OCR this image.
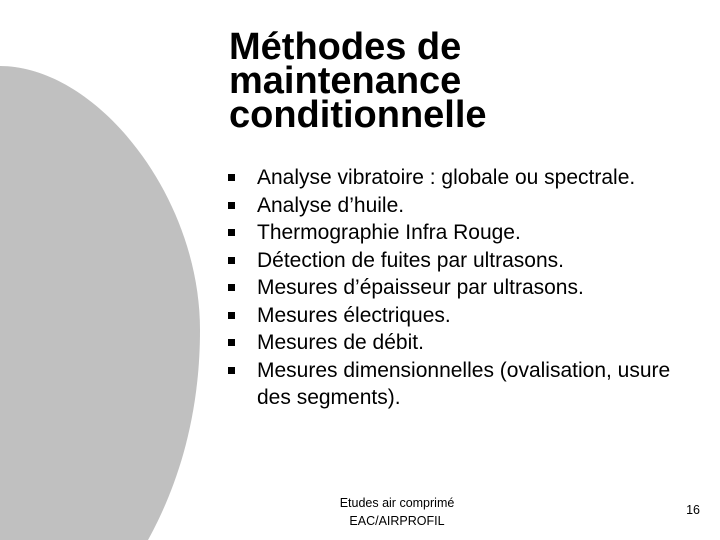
Méthodes de
maintenance
conditionnelle
Analyse vibratoire : globale ou spectrale.
Analyse d’huile.
Thermographie Infra Rouge.
Détection de fuites par ultrasons.
Mesures d’épaisseur par ultrasons.
Mesures électriques.
Mesures de débit.
Mesures dimensionnelles (ovalisation, usure des segments).
Etudes air comprimé
EAC/AIRPROFIL
16
